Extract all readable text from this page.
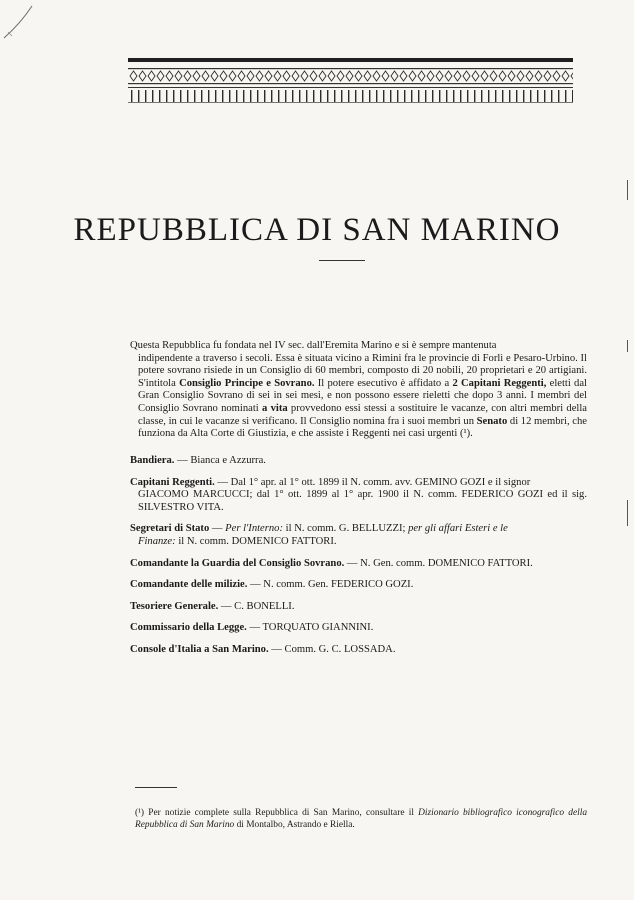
REPUBBLICA DI SAN MARINO

Questa Repubblica fu fondata nel IV sec. dall'Eremita Marino e si è sempre mantenuta
indipendente a traverso i secoli. Essa è situata vicino a Rimini fra le provincie di Forlì e Pesaro-Urbino. Il potere sovrano risiede in un Consiglio di 60 membri, composto di 20 nobili, 20 proprietari e 20 artigiani. S'intitola Consiglio Principe e Sovrano. Il potere esecutivo è affidato a 2 Capitani Reggenti, eletti dal Gran Consiglio Sovrano di sei in sei mesi, e non possono essere rieletti che dopo 3 anni. I membri del Consiglio Sovrano nominati a vita provvedono essi stessi a sostituire le vacanze, con altri membri della classe, in cui le vacanze si verificano. Il Consiglio nomina fra i suoi membri un Senato di 12 membri, che funziona da Alta Corte di Giustizia, e che assiste i Reggenti nei casi urgenti (¹).

Bandiera. — Bianca e Azzurra.

Capitani Reggenti. — Dal 1° apr. al 1° ott. 1899 il N. comm. avv. GEMINO GOZI e il signor
GIACOMO MARCUCCI; dal 1° ott. 1899 al 1° apr. 1900 il N. comm. FEDERICO GOZI ed il sig. SILVESTRO VITA.

Segretari di Stato — Per l'Interno: il N. comm. G. BELLUZZI; per gli affari Esteri e le
Finanze: il N. comm. DOMENICO FATTORI.

Comandante la Guardia del Consiglio Sovrano. — N. Gen. comm. DOMENICO FATTORI.

Comandante delle milizie. — N. comm. Gen. FEDERICO GOZI.

Tesoriere Generale. — C. BONELLI.

Commissario della Legge. — TORQUATO GIANNINI.

Console d'Italia a San Marino. — Comm. G. C. LOSSADA.

(¹) Per notizie complete sulla Repubblica di San Marino, consultare il Dizionario bibliografico iconografico della Repubblica di San Marino di Montalbo, Astrando e Riella.
